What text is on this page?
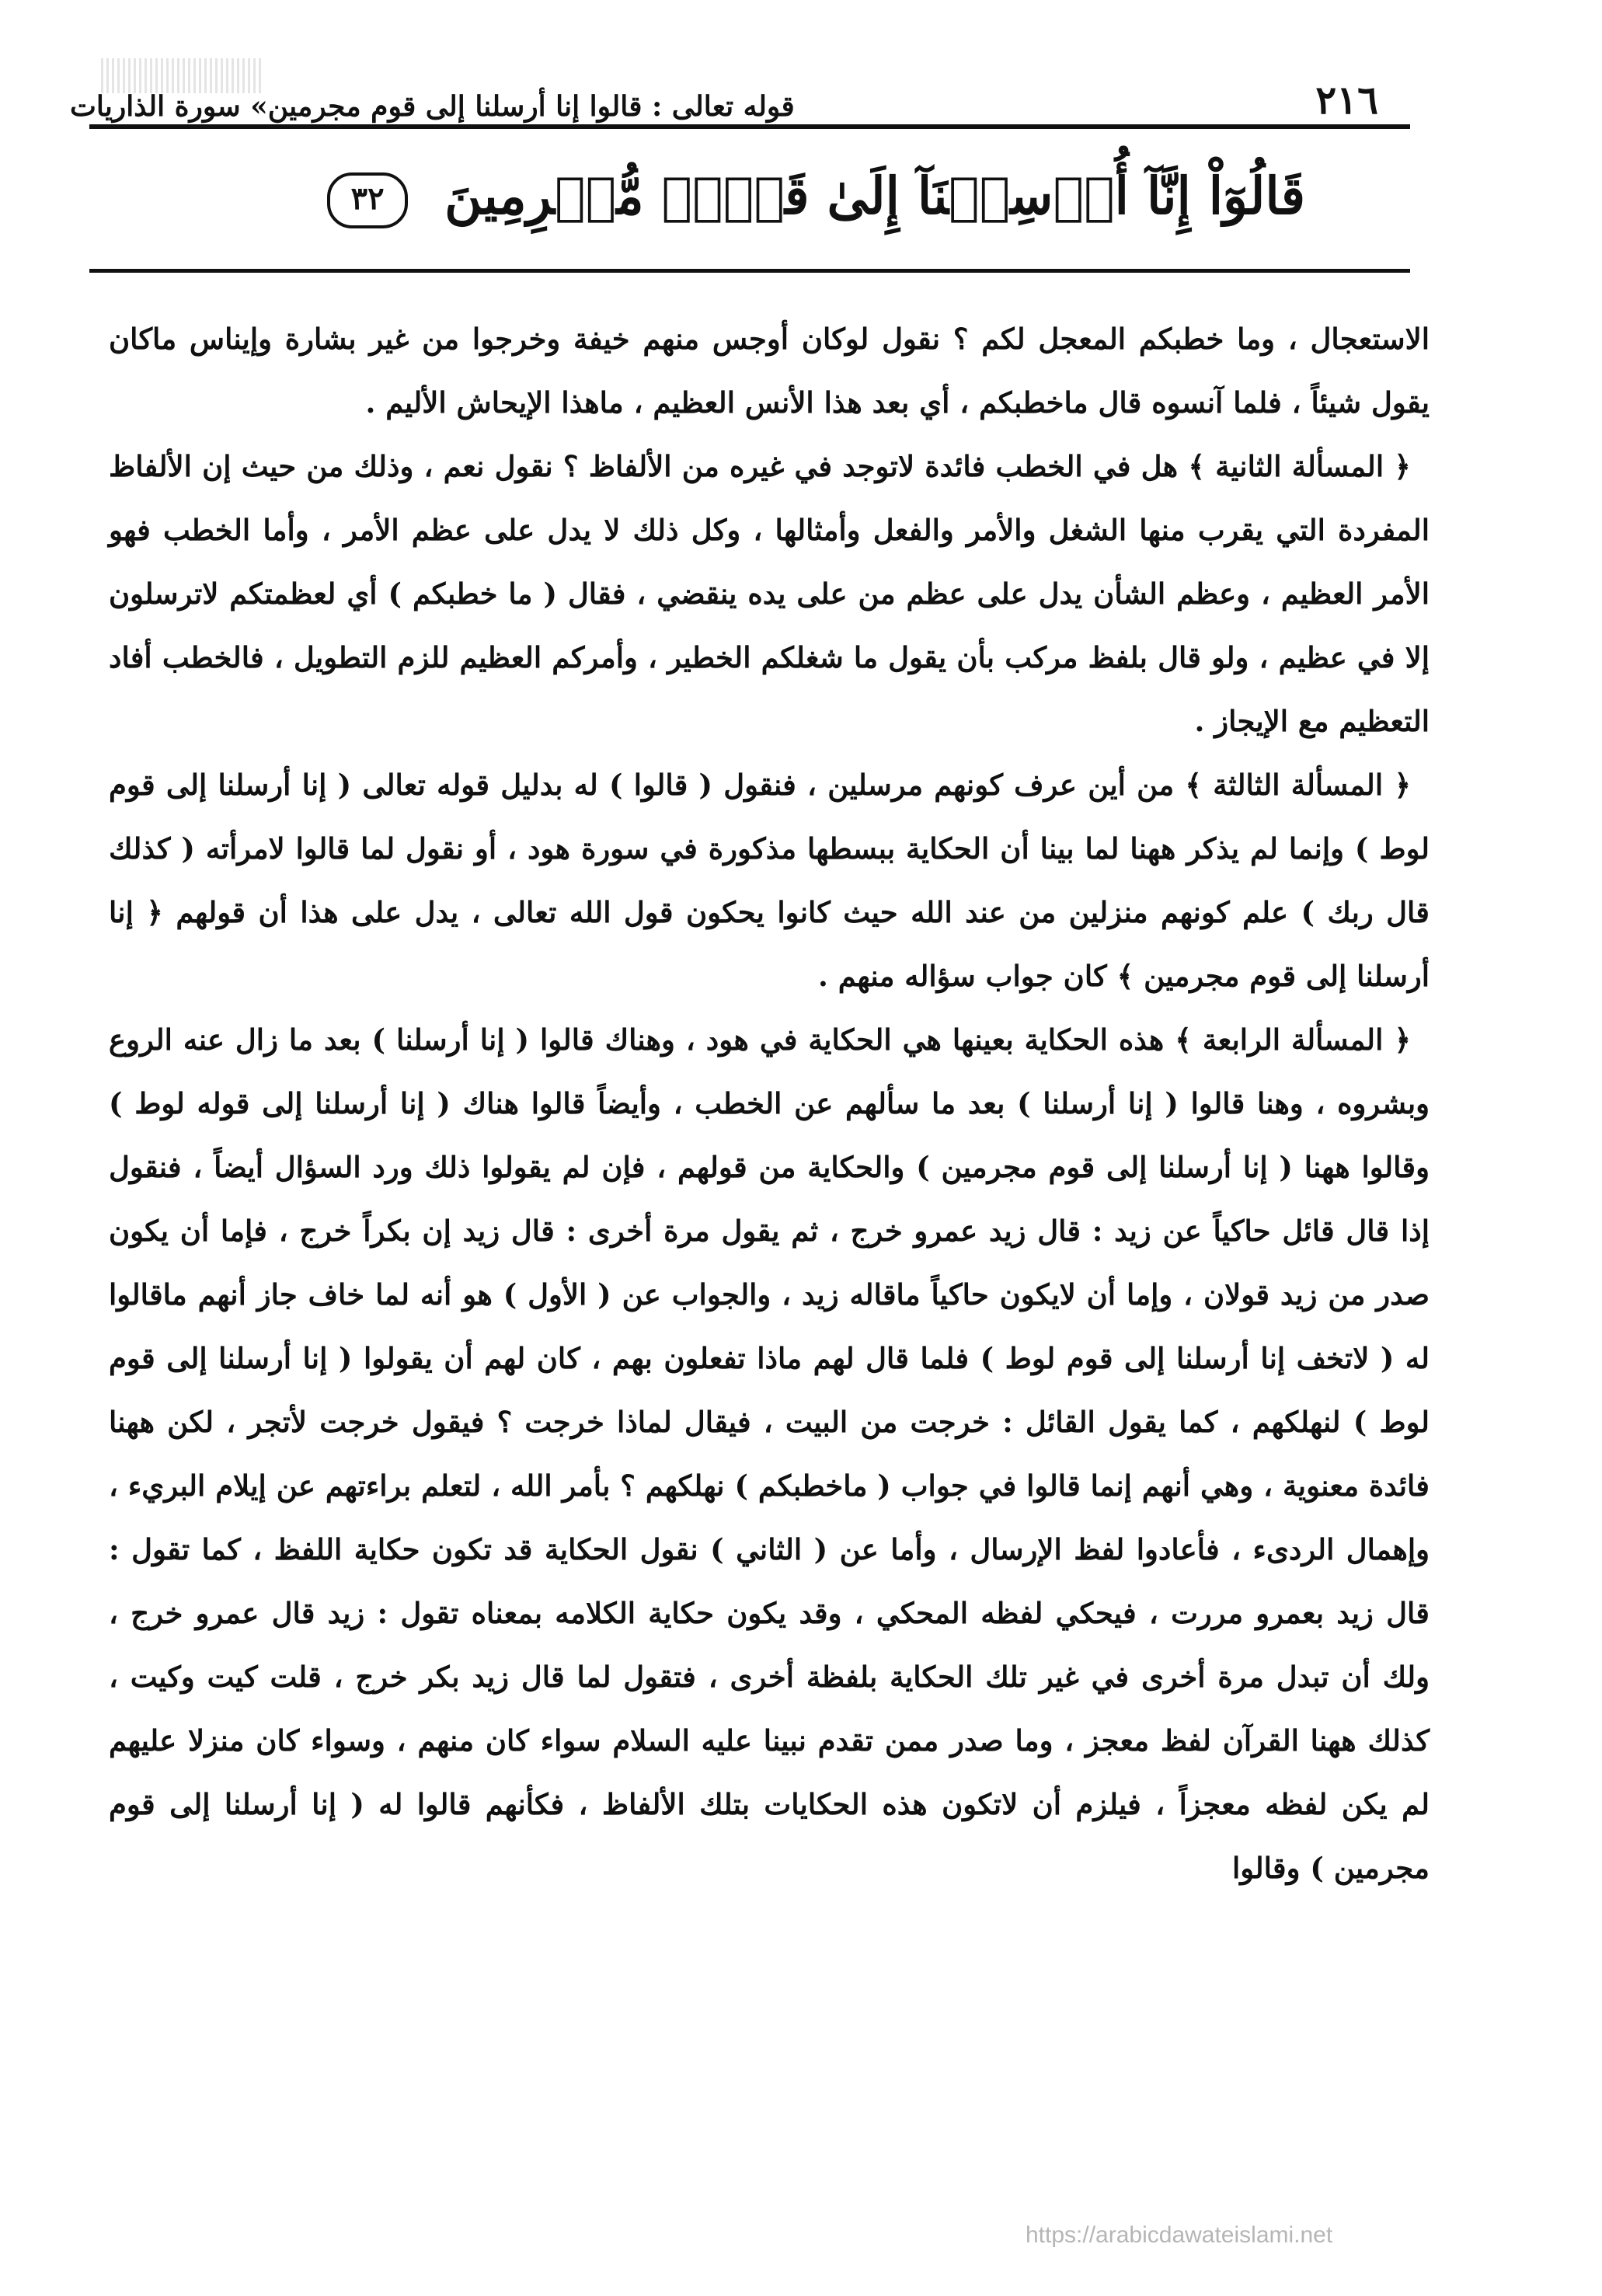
٢١٦
قوله تعالى : قالوا إنا أرسلنا إلى قوم مجرمين» سورة الذاريات
قَالُوٓاْ إِنَّآ أُرۡسِلۡنَآ إِلَىٰ قَوۡمٖ مُّجۡرِمِينَ ٣٢

الاستعجال ، وما خطبكم المعجل لكم ؟ نقول لوكان أوجس منهم خيفة وخرجوا من غير بشارة وإيناس ماكان يقول شيئاً ، فلما آنسوه قال ماخطبكم ، أي بعد هذا الأنس العظيم ، ماهذا الإيحاش الأليم .

﴿ المسألة الثانية ﴾ هل في الخطب فائدة لاتوجد في غيره من الألفاظ ؟ نقول نعم ، وذلك من حيث إن الألفاظ المفردة التي يقرب منها الشغل والأمر والفعل وأمثالها ، وكل ذلك لا يدل على عظم الأمر ، وأما الخطب فهو الأمر العظيم ، وعظم الشأن يدل على عظم من على يده ينقضي ، فقال ( ما خطبكم ) أي لعظمتكم لاترسلون إلا في عظيم ، ولو قال بلفظ مركب بأن يقول ما شغلكم الخطير ، وأمركم العظيم للزم التطويل ، فالخطب أفاد التعظيم مع الإيجاز .

﴿ المسألة الثالثة ﴾ من أين عرف كونهم مرسلين ، فنقول ( قالوا ) له بدليل قوله تعالى ( إنا أرسلنا إلى قوم لوط ) وإنما لم يذكر ههنا لما بينا أن الحكاية ببسطها مذكورة في سورة هود ، أو نقول لما قالوا لامرأته ( كذلك قال ربك ) علم كونهم منزلين من عند الله حيث كانوا يحكون قول الله تعالى ، يدل على هذا أن قولهم ﴿ إنا أرسلنا إلى قوم مجرمين ﴾ كان جواب سؤاله منهم .

﴿ المسألة الرابعة ﴾ هذه الحكاية بعينها هي الحكاية في هود ، وهناك قالوا ( إنا أرسلنا ) بعد ما زال عنه الروع وبشروه ، وهنا قالوا ( إنا أرسلنا ) بعد ما سألهم عن الخطب ، وأيضاً قالوا هناك ( إنا أرسلنا إلى قوله لوط ) وقالوا ههنا ( إنا أرسلنا إلى قوم مجرمين ) والحكاية من قولهم ، فإن لم يقولوا ذلك ورد السؤال أيضاً ، فنقول إذا قال قائل حاكياً عن زيد : قال زيد عمرو خرج ، ثم يقول مرة أخرى : قال زيد إن بكراً خرج ، فإما أن يكون صدر من زيد قولان ، وإما أن لايكون حاكياً ماقاله زيد ، والجواب عن ( الأول ) هو أنه لما خاف جاز أنهم ماقالوا له ( لاتخف إنا أرسلنا إلى قوم لوط ) فلما قال لهم ماذا تفعلون بهم ، كان لهم أن يقولوا ( إنا أرسلنا إلى قوم لوط ) لنهلكهم ، كما يقول القائل : خرجت من البيت ، فيقال لماذا خرجت ؟ فيقول خرجت لأتجر ، لكن ههنا فائدة معنوية ، وهي أنهم إنما قالوا في جواب ( ماخطبكم ) نهلكهم ؟ بأمر الله ، لتعلم براءتهم عن إيلام البريء ، وإهمال الردىء ، فأعادوا لفظ الإرسال ، وأما عن ( الثاني ) نقول الحكاية قد تكون حكاية اللفظ ، كما تقول : قال زيد بعمرو مررت ، فيحكي لفظه المحكي ، وقد يكون حكاية الكلامه بمعناه تقول : زيد قال عمرو خرج ، ولك أن تبدل مرة أخرى في غير تلك الحكاية بلفظة أخرى ، فتقول لما قال زيد بكر خرج ، قلت كيت وكيت ، كذلك ههنا القرآن لفظ معجز ، وما صدر ممن تقدم نبينا عليه السلام سواء كان منهم ، وسواء كان منزلا عليهم لم يكن لفظه معجزاً ، فيلزم أن لاتكون هذه الحكايات بتلك الألفاظ ، فكأنهم قالوا له ( إنا أرسلنا إلى قوم مجرمين ) وقالوا

https://arabicdawateislami.net
